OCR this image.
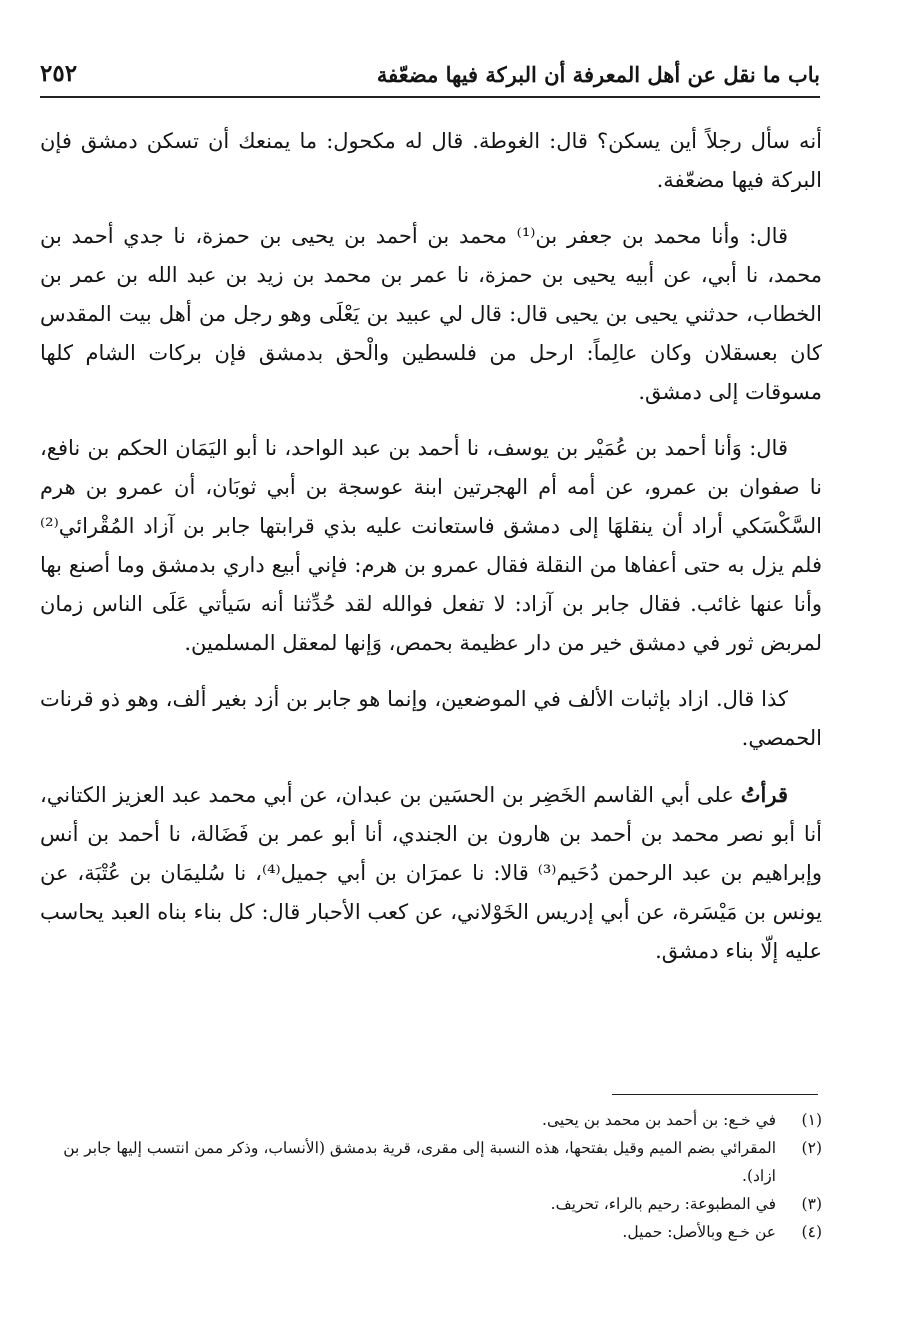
باب ما نقل عن أهل المعرفة أن البركة فيها مضعّفة
٢٥٢

أنه سأل رجلاً أين يسكن؟ قال: الغوطة. قال له مكحول: ما يمنعك أن تسكن دمشق فإن البركة فيها مضعّفة.

قال: وأنا محمد بن جعفر بن⁽¹⁾ محمد بن أحمد بن يحيى بن حمزة، نا جدي أحمد بن محمد، نا أبي، عن أبيه يحيى بن حمزة، نا عمر بن محمد بن زيد بن عبد الله بن عمر بن الخطاب، حدثني يحيى بن يحيى قال: قال لي عبيد بن يَعْلَى وهو رجل من أهل بيت المقدس كان بعسقلان وكان عالِماً: ارحل من فلسطين والْحق بدمشق فإن بركات الشام كلها مسوقات إلى دمشق.

قال: وَأنا أحمد بن عُمَيْر بن يوسف، نا أحمد بن عبد الواحد، نا أبو اليَمَان الحكم بن نافع، نا صفوان بن عمرو، عن أمه أم الهجرتين ابنة عوسجة بن أبي ثوبَان، أن عمرو بن هرم السَّكْسَكي أراد أن ينقلهَا إلى دمشق فاستعانت عليه بذي قرابتها جابر بن آزاد المُقْرائي⁽²⁾ فلم يزل به حتى أعفاها من النقلة فقال عمرو بن هرم: فإني أبيع داري بدمشق وما أصنع بها وأنا عنها غائب. فقال جابر بن آزاد: لا تفعل فوالله لقد حُدِّثنا أنه سَيأتي عَلَى الناس زمان لمربض ثور في دمشق خير من دار عظيمة بحمص، وَإنها لمعقل المسلمين.

كذا قال. ازاد بإثبات الألف في الموضعين، وإنما هو جابر بن أزد بغير ألف، وهو ذو قرنات الحمصي.

قرأتُ على أبي القاسم الخَضِر بن الحسَين بن عبدان، عن أبي محمد عبد العزيز الكتاني، أنا أبو نصر محمد بن أحمد بن هارون بن الجندي، أنا أبو عمر بن فَضَالة، نا أحمد بن أنس وإبراهيم بن عبد الرحمن دُحَيم⁽³⁾ قالا: نا عمرَان بن أبي جميل⁽⁴⁾، نا سُليمَان بن عُتْبَة، عن يونس بن مَيْسَرة، عن أبي إدريس الخَوْلاني، عن كعب الأحبار قال: كل بناء بناه العبد يحاسب عليه إلّا بناء دمشق.

(١)
في خـع: بن أحمد بن محمد بن يحيى.
(٢)
المقرائي بضم الميم وقيل بفتحها، هذه النسبة إلى مقرى، قرية بدمشق (الأنساب، وذكر ممن انتسب إليها جابر بن ازاد).
(٣)
في المطبوعة: رحيم بالراء، تحريف.
(٤)
عن خـع وبالأصل: حميل.
